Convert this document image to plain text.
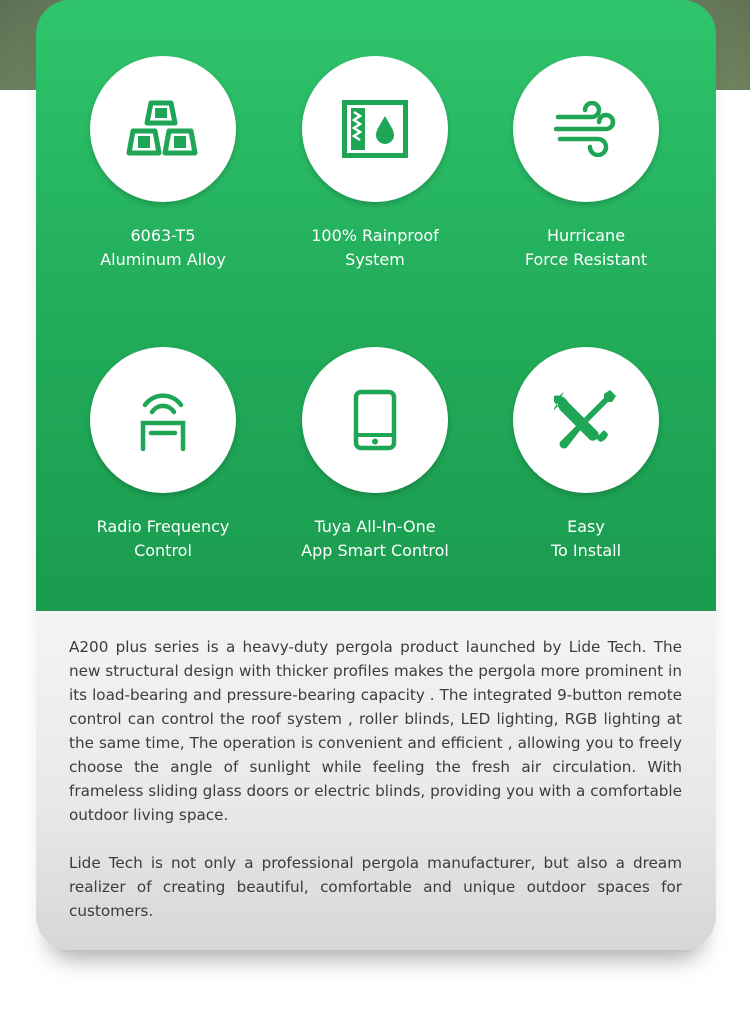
6063-T5
Aluminum Alloy
100% Rainproof
System
Hurricane
Force Resistant
Radio Frequency
Control
Tuya All-In-One
App Smart Control
Easy
To Install

A200 plus series is a heavy-duty pergola product launched by Lide Tech. The new structural design with thicker profiles makes the pergola more prominent in its load-bearing and pressure-bearing capacity . The integrated 9-button remote control can control the roof system , roller blinds, LED lighting, RGB lighting at the same time, The operation is convenient and efficient , allowing you to freely choose the angle of sunlight while feeling the fresh air circulation. With frameless sliding glass doors or electric blinds, providing you with a comfortable outdoor living space.

Lide Tech is not only a professional pergola manufacturer, but also a dream realizer of creating beautiful, comfortable and unique outdoor spaces for customers.
